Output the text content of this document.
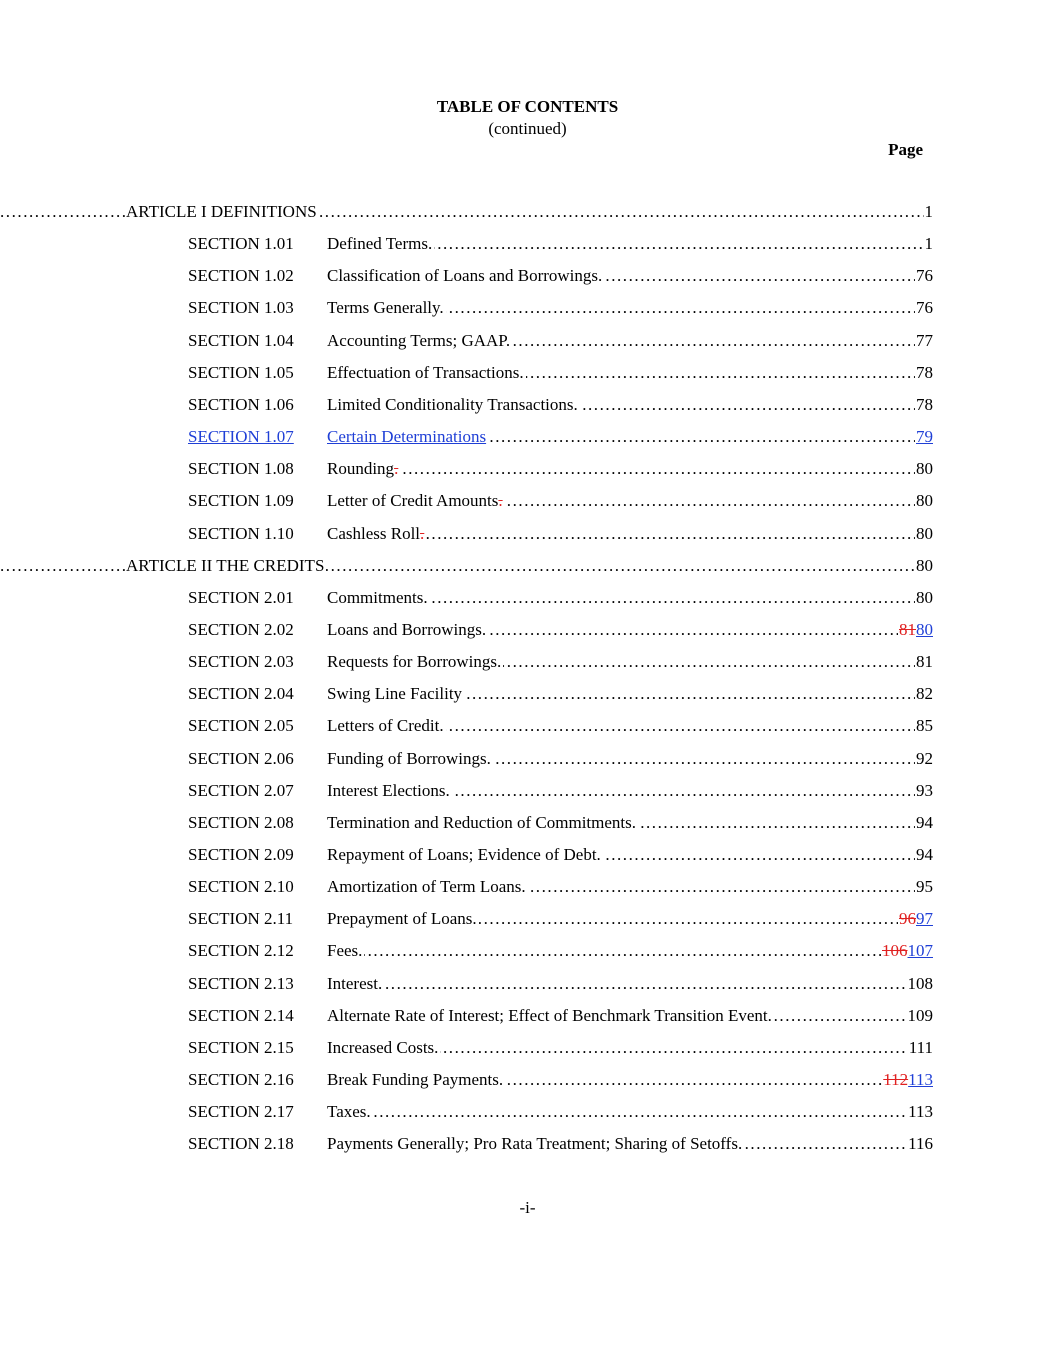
TABLE OF CONTENTS
(continued)
Page
. . .
ARTICLE I DEFINITIONS	1
SECTION 1.01 . . . Defined Terms.	1
SECTION 1.02 . . . Classification of Loans and Borrowings.	76
SECTION 1.03 . . . Terms Generally.	76
SECTION 1.04 . . . Accounting Terms; GAAP.	77
SECTION 1.05 . . . Effectuation of Transactions.	78
SECTION 1.06 . . . Limited Conditionality Transactions.	78
SECTION 1.07 . . . Certain Determinations	79
SECTION 1.08 . . . Rounding.	80
SECTION 1.09 . . . Letter of Credit Amounts.	80
SECTION 1.10 . . . Cashless Roll.	80
. . .
ARTICLE II THE CREDITS	80
SECTION 2.01 . . . Commitments.	80
SECTION 2.02 . . . Loans and Borrowings.	8180
SECTION 2.03 . . . Requests for Borrowings.	81
SECTION 2.04 . . . Swing Line Facility	82
SECTION 2.05 . . . Letters of Credit.	85
SECTION 2.06 . . . Funding of Borrowings.	92
SECTION 2.07 . . . Interest Elections.	93
SECTION 2.08 . . . Termination and Reduction of Commitments.	94
SECTION 2.09 . . . Repayment of Loans; Evidence of Debt.	94
SECTION 2.10 . . . Amortization of Term Loans.	95
SECTION 2.11 . . . Prepayment of Loans.	9697
SECTION 2.12 . . . Fees.	106107
SECTION 2.13 . . . Interest.	108
SECTION 2.14 . . . Alternate Rate of Interest; Effect of Benchmark Transition Event.	109
SECTION 2.15 . . . Increased Costs.	111
SECTION 2.16 . . . Break Funding Payments.	112113
SECTION 2.17 . . . Taxes.	113
SECTION 2.18 . . . Payments Generally; Pro Rata Treatment; Sharing of Setoffs.	116
-i-
